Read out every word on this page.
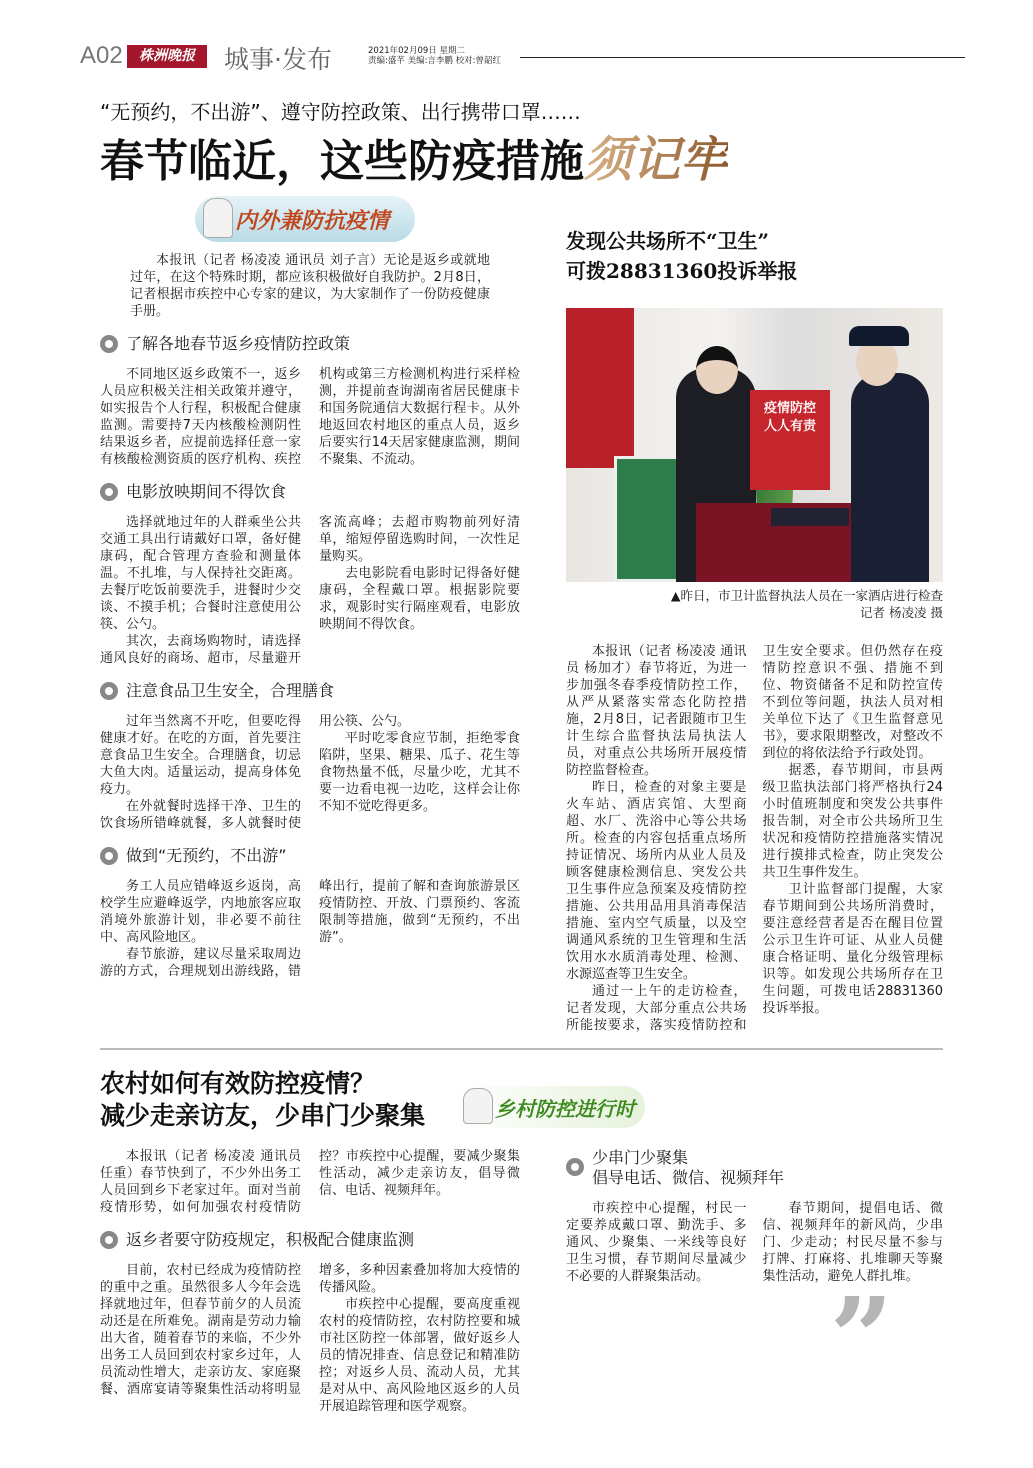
A02	株洲晚报	城事·发布	2021年02月09日 星期二
责编:盛芊 美编:言李鹏 校对:曾韶红
“无预约，不出游”、遵守防控政策、出行携带口罩……
春节临近，这些防疫措施须记牢
内外兼防抗疫情

本报讯（记者 杨凌凌 通讯员 刘子言）无论是返乡或就地过年，在这个特殊时期，都应该积极做好自我防护。2月8日，记者根据市疾控中心专家的建议，为大家制作了一份防疫健康手册。

了解各地春节返乡疫情防控政策

不同地区返乡政策不一，返乡人员应积极关注相关政策并遵守，如实报告个人行程，积极配合健康监测。需要持7天内核酸检测阴性结果返乡者，应提前选择任意一家有核酸检测资质的医疗机构、疾控机构或第三方检测机构进行采样检测，并提前查询湖南省居民健康卡和国务院通信大数据行程卡。从外地返回农村地区的重点人员，返乡后要实行14天居家健康监测，期间不聚集、不流动。

电影放映期间不得饮食

选择就地过年的人群乘坐公共交通工具出行请戴好口罩，备好健康码，配合管理方查验和测量体温。不扎堆，与人保持社交距离。去餐厅吃饭前要洗手，进餐时少交谈、不摸手机；合餐时注意使用公筷、公勺。

其次，去商场购物时，请选择通风良好的商场、超市，尽量避开客流高峰；去超市购物前列好清单，缩短停留选购时间，一次性足量购买。

去电影院看电影时记得备好健康码，全程戴口罩。根据影院要求，观影时实行隔座观看，电影放映期间不得饮食。

注意食品卫生安全，合理膳食

过年当然离不开吃，但要吃得健康才好。在吃的方面，首先要注意食品卫生安全。合理膳食，切忌大鱼大肉。适量运动，提高身体免疫力。

在外就餐时选择干净、卫生的饮食场所错峰就餐，多人就餐时使用公筷、公勺。

平时吃零食应节制，拒绝零食陷阱，坚果、糖果、瓜子、花生等食物热量不低，尽量少吃，尤其不要一边看电视一边吃，这样会让你不知不觉吃得更多。

做到“无预约，不出游”

务工人员应错峰返乡返岗，高校学生应避峰返学，内地旅客应取消境外旅游计划，非必要不前往中、高风险地区。

春节旅游，建议尽量采取周边游的方式，合理规划出游线路，错峰出行，提前了解和查询旅游景区疫情防控、开放、门票预约、客流限制等措施，做到“无预约，不出游”。

发现公共场所不“卫生”
可拨28831360投诉举报
疫情防控
人人有责
▲昨日，市卫计监督执法人员在一家酒店进行检查
记者 杨凌凌 摄

本报讯（记者 杨凌凌 通讯员 杨加才）春节将近，为进一步加强冬春季疫情防控工作，从严从紧落实常态化防控措施，2月8日，记者跟随市卫生计生综合监督执法局执法人员，对重点公共场所开展疫情防控监督检查。

昨日，检查的对象主要是火车站、酒店宾馆、大型商超、水厂、洗浴中心等公共场所。检查的内容包括重点场所持证情况、场所内从业人员及顾客健康检测信息、突发公共卫生事件应急预案及疫情防控措施、公共用品用具消毒保洁措施、室内空气质量，以及空调通风系统的卫生管理和生活饮用水水质消毒处理、检测、水源巡查等卫生安全。

通过一上午的走访检查，记者发现，大部分重点公共场所能按要求，落实疫情防控和卫生安全要求。但仍然存在疫情防控意识不强、措施不到位、物资储备不足和防控宣传不到位等问题，执法人员对相关单位下达了《卫生监督意见书》，要求限期整改，对整改不到位的将依法给予行政处罚。

据悉，春节期间，市县两级卫监执法部门将严格执行24小时值班制度和突发公共事件报告制，对全市公共场所卫生状况和疫情防控措施落实情况进行摸排式检查，防止突发公共卫生事件发生。

卫计监督部门提醒，大家春节期间到公共场所消费时，要注意经营者是否在醒目位置公示卫生许可证、从业人员健康合格证明、量化分级管理标识等。如发现公共场所存在卫生问题，可拨电话28831360投诉举报。

农村如何有效防控疫情？
减少走亲访友，少串门少聚集	乡村防控进行时

本报讯（记者 杨凌凌 通讯员 任重）春节快到了，不少外出务工人员回到乡下老家过年。面对当前疫情形势，如何加强农村疫情防控？市疾控中心提醒，要减少聚集性活动，减少走亲访友，倡导微信、电话、视频拜年。

返乡者要守防疫规定，积极配合健康监测

目前，农村已经成为疫情防控的重中之重。虽然很多人今年会选择就地过年，但春节前夕的人员流动还是在所难免。湖南是劳动力输出大省，随着春节的来临，不少外出务工人员回到农村家乡过年，人员流动性增大，走亲访友、家庭聚餐、酒席宴请等聚集性活动将明显增多，多种因素叠加将加大疫情的传播风险。

市疾控中心提醒，要高度重视农村的疫情防控，农村防控要和城市社区防控一体部署，做好返乡人员的情况排查、信息登记和精准防控；对返乡人员、流动人员，尤其是对从中、高风险地区返乡的人员开展追踪管理和医学观察。

少串门少聚集
倡导电话、微信、视频拜年

市疾控中心提醒，村民一定要养成戴口罩、勤洗手、多通风、少聚集、一米线等良好卫生习惯，春节期间尽量减少不必要的人群聚集活动。

春节期间，提倡电话、微信、视频拜年的新风尚，少串门、少走动；村民尽量不参与打牌、打麻将、扎堆聊天等聚集性活动，避免人群扎堆。

”
